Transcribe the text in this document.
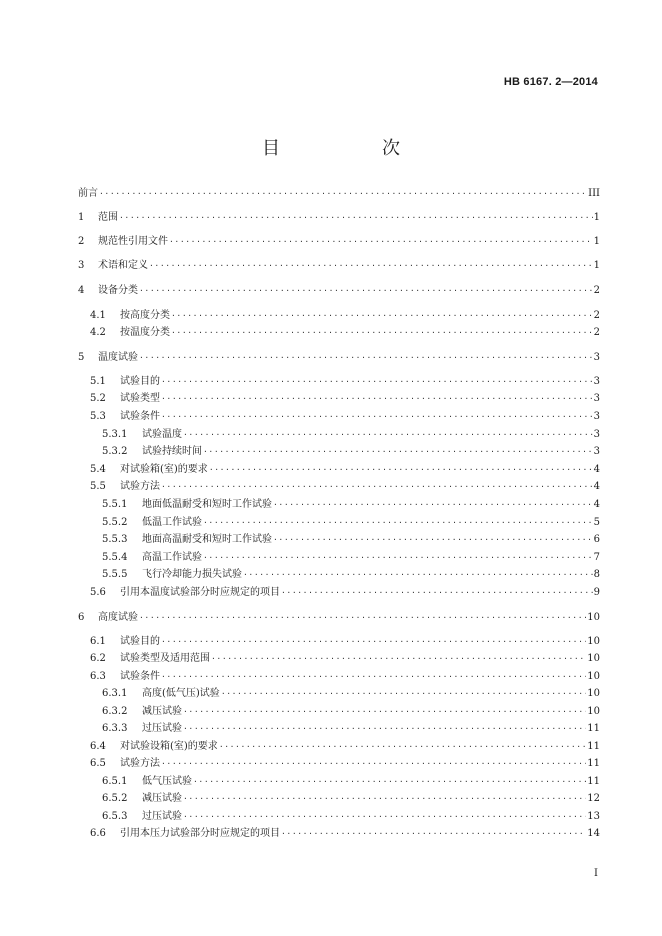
HB 6167. 2—2014
目　次
前言 ·····	III
1 范围 ·····	1
2 规范性引用文件 ·····	1
3 术语和定义 ·····	1
4 设备分类 ·····	2
4.1 按高度分类 ·····	2
4.2 按温度分类 ·····	2
5 温度试验 ·····	3
5.1 试验目的 ·····	3
5.2 试验类型 ·····	3
5.3 试验条件 ·····	3
5.3.1 试验温度 ·····	3
5.3.2 试验持续时间 ·····	3
5.4 对试验箱(室)的要求 ·····	4
5.5 试验方法 ·····	4
5.5.1 地面低温耐受和短时工作试验 ·····	4
5.5.2 低温工作试验 ·····	5
5.5.3 地面高温耐受和短时工作试验 ·····	6
5.5.4 高温工作试验 ·····	7
5.5.5 飞行冷却能力损失试验 ·····	8
5.6 引用本温度试验部分时应规定的项目 ·····	9
6 高度试验 ·····	10
6.1 试验目的 ·····	10
6.2 试验类型及适用范围 ·····	10
6.3 试验条件 ·····	10
6.3.1 高度(低气压)试验 ·····	10
6.3.2 减压试验 ·····	10
6.3.3 过压试验 ·····	11
6.4 对试验设箱(室)的要求 ·····	11
6.5 试验方法 ·····	11
6.5.1 低气压试验 ·····	11
6.5.2 减压试验 ·····	12
6.5.3 过压试验 ·····	13
6.6 引用本压力试验部分时应规定的项目 ·····	14
I
